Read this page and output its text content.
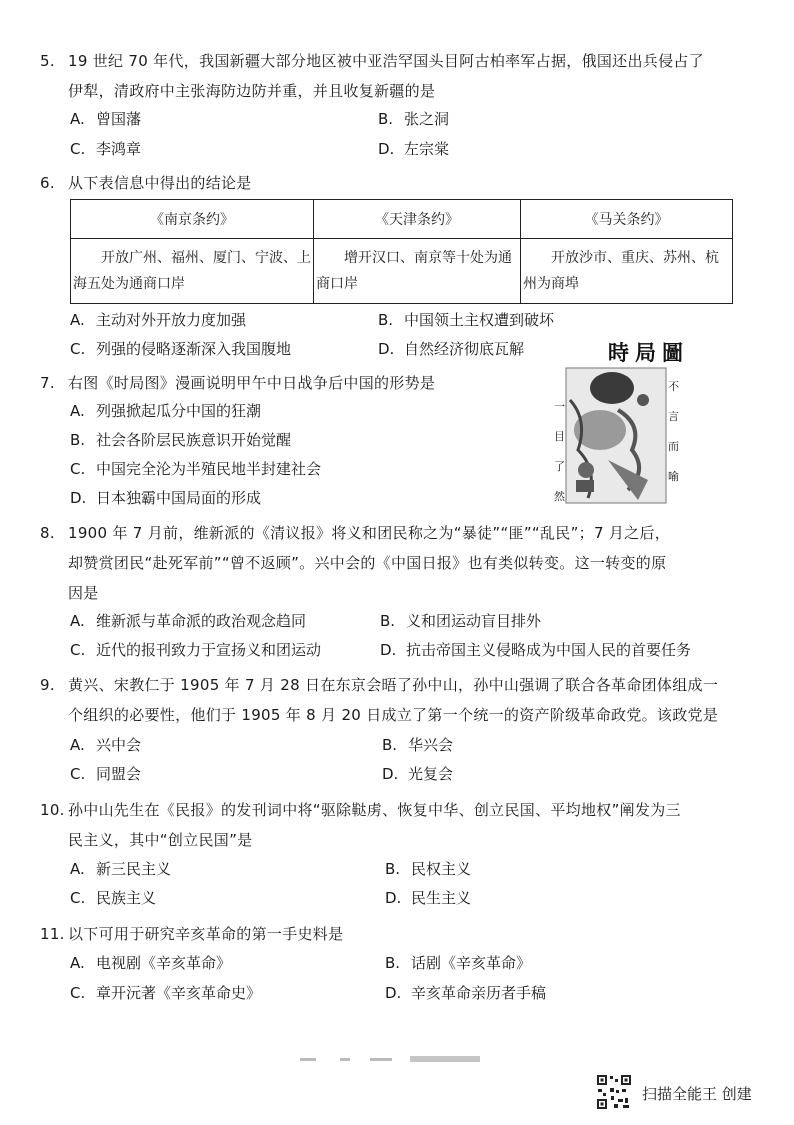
5. 19 世纪 70 年代，我国新疆大部分地区被中亚浩罕国头目阿古柏率军占据，俄国还出兵侵占了
伊犁，清政府中主张海防边防并重，并且收复新疆的是
A. 曾国藩	B. 张之洞
C. 李鸿章	D. 左宗棠
6. 从下表信息中得出的结论是
《南京条约》	《天津条约》	《马关条约》
开放广州、福州、厦门、宁波、上海五处为通商口岸	增开汉口、南京等十处为通商口岸	开放沙市、重庆、苏州、杭州为商埠
A. 主动对外开放力度加强	B. 中国领土主权遭到破坏
C. 列强的侵略逐渐深入我国腹地	D. 自然经济彻底瓦解	時局圖
一
目
了
然
不
言
而
喻
7. 右图《时局图》漫画说明甲午中日战争后中国的形势是
A. 列强掀起瓜分中国的狂潮
B. 社会各阶层民族意识开始觉醒
C. 中国完全沦为半殖民地半封建社会
D. 日本独霸中国局面的形成
8. 1900 年 7 月前，维新派的《清议报》将义和团民称之为“暴徒”“匪”“乱民”；7 月之后，
却赞赏团民“赴死军前”“曾不返顾”。兴中会的《中国日报》也有类似转变。这一转变的原
因是
A. 维新派与革命派的政治观念趋同	B. 义和团运动盲目排外
C. 近代的报刊致力于宣扬义和团运动	D. 抗击帝国主义侵略成为中国人民的首要任务
9. 黄兴、宋教仁于 1905 年 7 月 28 日在东京会晤了孙中山，孙中山强调了联合各革命团体组成一
个组织的必要性，他们于 1905 年 8 月 20 日成立了第一个统一的资产阶级革命政党。该政党是
A. 兴中会	B. 华兴会
C. 同盟会	D. 光复会
10. 孙中山先生在《民报》的发刊词中将“驱除鞑虏、恢复中华、创立民国、平均地权”阐发为三
民主义，其中“创立民国”是
A. 新三民主义	B. 民权主义
C. 民族主义	D. 民生主义
11. 以下可用于研究辛亥革命的第一手史料是
A. 电视剧《辛亥革命》	B. 话剧《辛亥革命》
C. 章开沅著《辛亥革命史》	D. 辛亥革命亲历者手稿
扫描全能王 创建
